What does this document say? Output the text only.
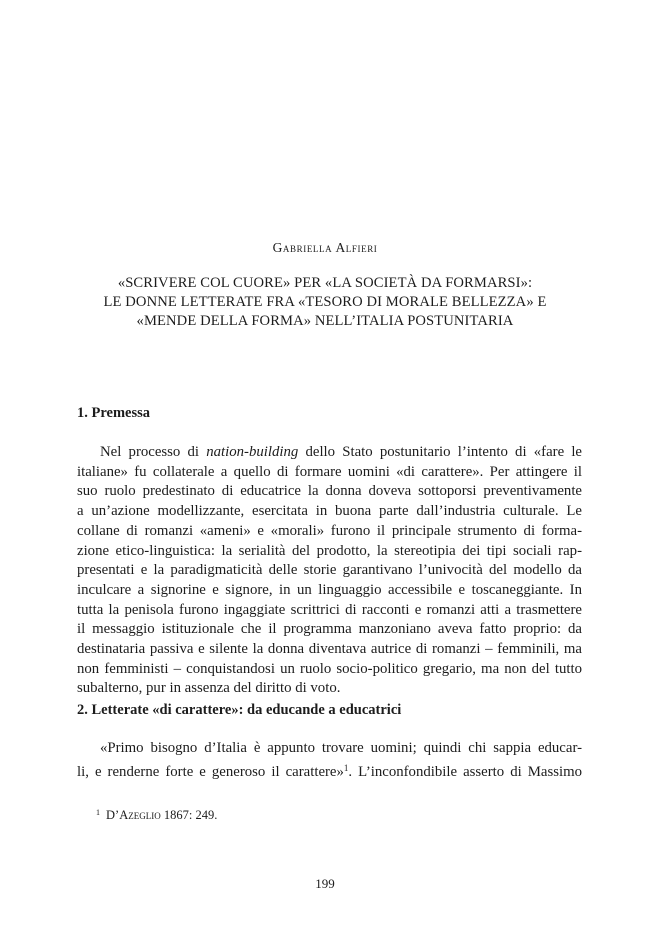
Gabriella Alfieri
«SCRIVERE COL CUORE» PER «LA SOCIETÀ DA FORMARSI»:
LE DONNE LETTERATE FRA «TESORO DI MORALE BELLEZZA» E
«MENDE DELLA FORMA» NELL’ITALIA POSTUNITARIA
1. Premessa
Nel processo di nation-building dello Stato postunitario l’intento di «fare le
italiane» fu collaterale a quello di formare uomini «di carattere». Per attingere il
suo ruolo predestinato di educatrice la donna doveva sottoporsi preventivamente
a un’azione modellizzante, esercitata in buona parte dall’industria culturale. Le
collane di romanzi «ameni» e «morali» furono il principale strumento di forma-
zione etico-linguistica: la serialità del prodotto, la stereotipia dei tipi sociali rap-
presentati e la paradigmaticità delle storie garantivano l’univocità del modello da
inculcare a signorine e signore, in un linguaggio accessibile e toscaneggiante. In
tutta la penisola furono ingaggiate scrittrici di racconti e romanzi atti a trasmettere
il messaggio istituzionale che il programma manzoniano aveva fatto proprio: da
destinataria passiva e silente la donna diventava autrice di romanzi – femminili, ma
non femministi – conquistandosi un ruolo socio-politico gregario, ma non del tutto
subalterno, pur in assenza del diritto di voto.
2. Letterate «di carattere»: da educande a educatrici
«Primo bisogno d’Italia è appunto trovare uomini; quindi chi sappia educar-
li, e renderne forte e generoso il carattere»$^1$. L’inconfondibile asserto di Massimo
$^1$ D’Azeglio 1867: 249.
199
